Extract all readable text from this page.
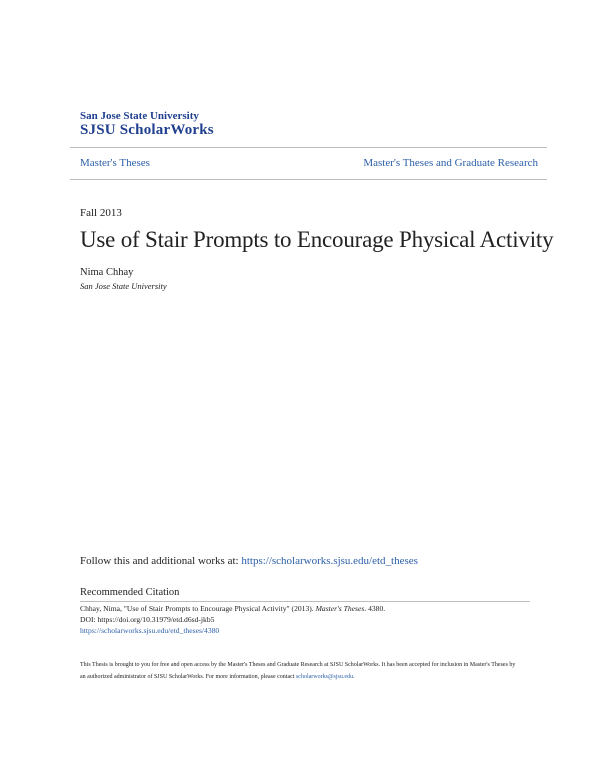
San Jose State University
SJSU ScholarWorks
Master's Theses	Master's Theses and Graduate Research
Fall 2013
Use of Stair Prompts to Encourage Physical Activity
Nima Chhay
San Jose State University
Follow this and additional works at: https://scholarworks.sjsu.edu/etd_theses
Recommended Citation
Chhay, Nima, "Use of Stair Prompts to Encourage Physical Activity" (2013). Master's Theses. 4380.
DOI: https://doi.org/10.31979/etd.d6sd-jkb5
https://scholarworks.sjsu.edu/etd_theses/4380
This Thesis is brought to you for free and open access by the Master's Theses and Graduate Research at SJSU ScholarWorks. It has been accepted for inclusion in Master's Theses by an authorized administrator of SJSU ScholarWorks. For more information, please contact scholarworks@sjsu.edu.
